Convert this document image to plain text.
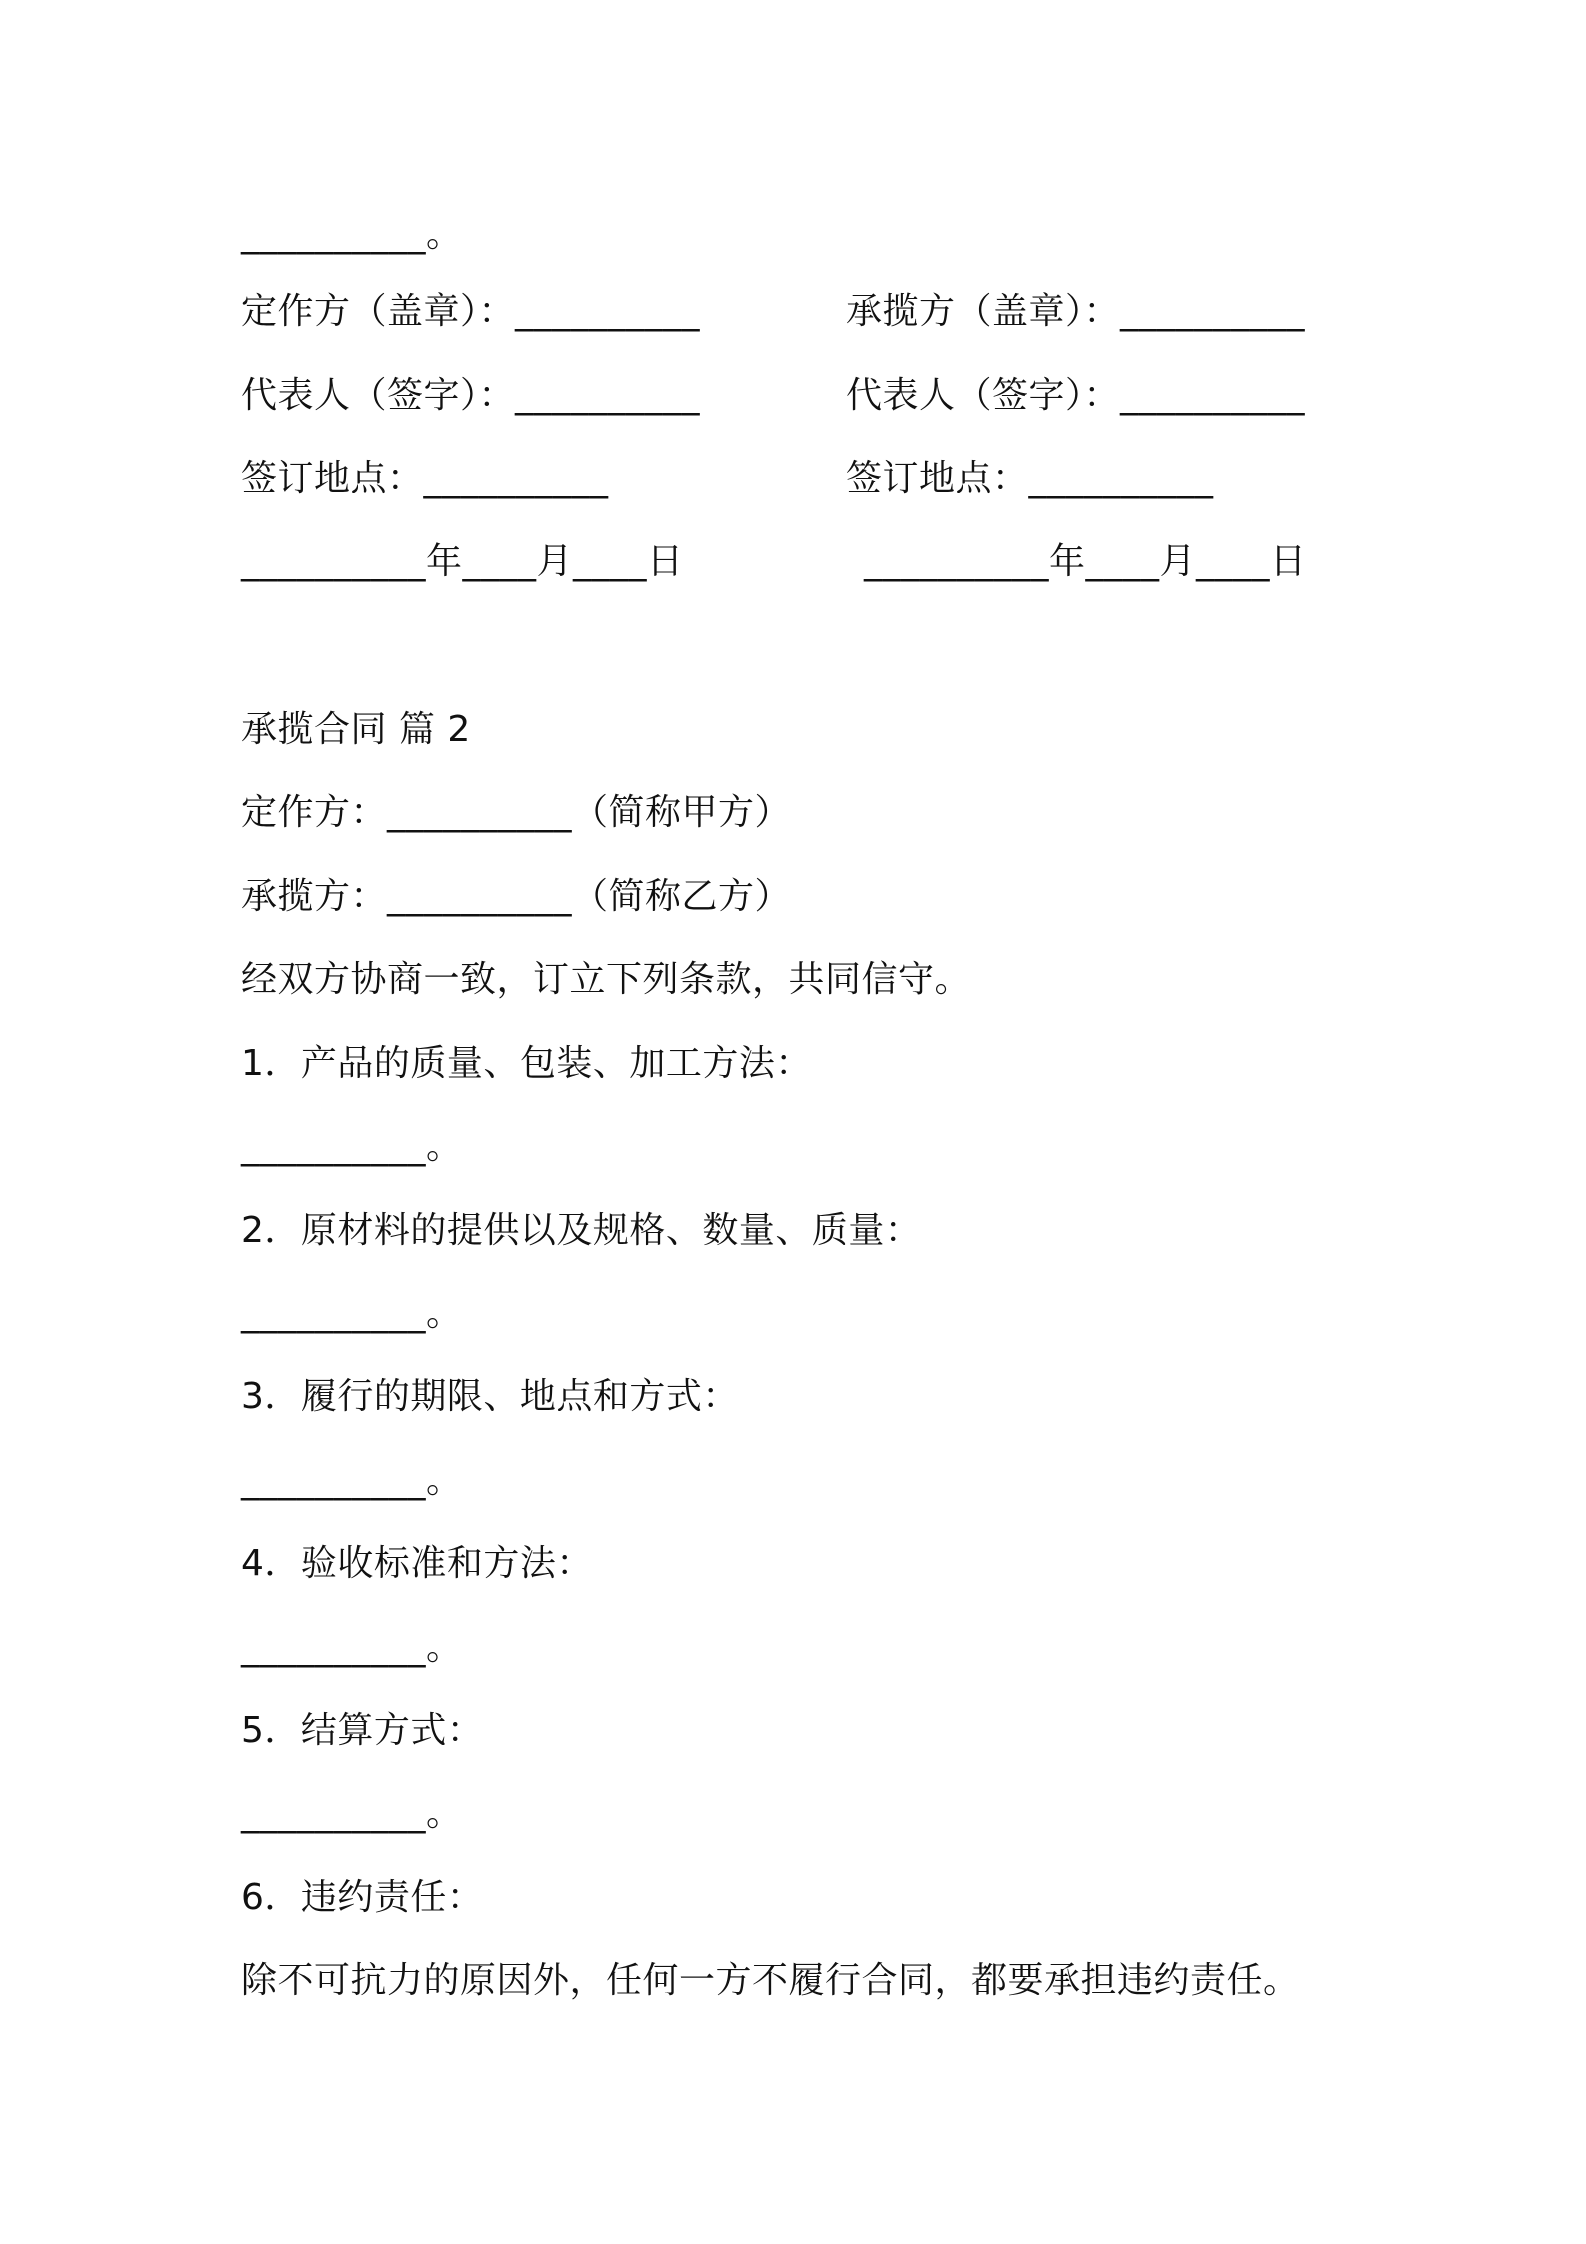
__________。
定作方（盖章）：__________	承揽方（盖章）：__________
代表人（签字）：__________	代表人（签字）：__________
签订地点：__________	签订地点：__________
__________年____月____日	__________年____月____日
承揽合同 篇 2
定作方：__________（简称甲方）
承揽方：__________（简称乙方）
经双方协商一致，订立下列条款，共同信守。
1．产品的质量、包装、加工方法：
__________。
2．原材料的提供以及规格、数量、质量：
__________。
3．履行的期限、地点和方式：
__________。
4．验收标准和方法：
__________。
5．结算方式：
__________。
6．违约责任：
除不可抗力的原因外，任何一方不履行合同，都要承担违约责任。
